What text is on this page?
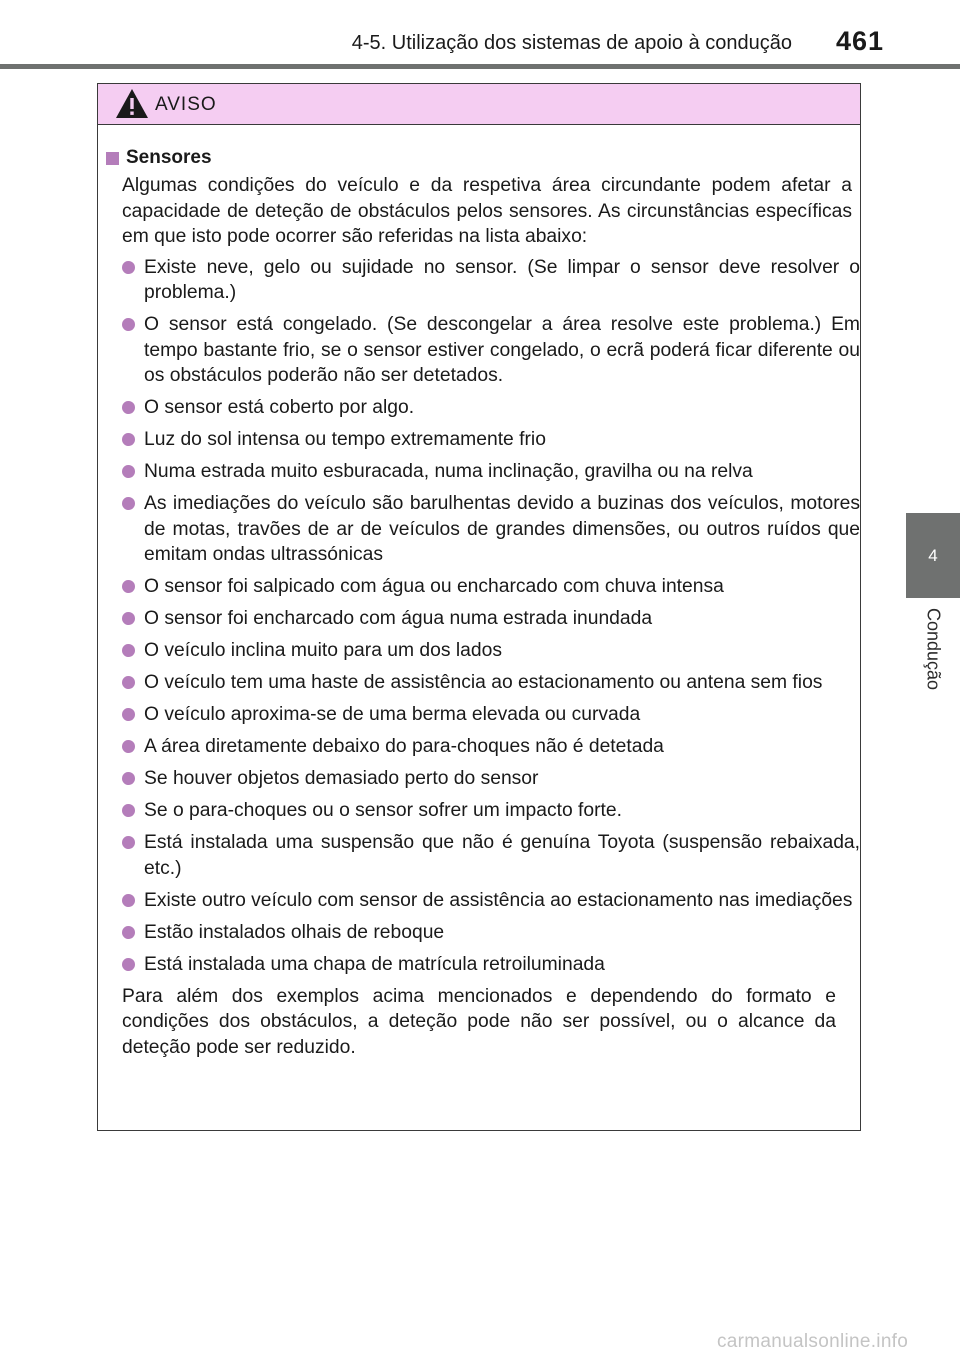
4-5. Utilização dos sistemas de apoio à condução 461
4
Condução
AVISO
Sensores
Algumas condições do veículo e da respetiva área circundante podem afetar a capacidade de deteção de obstáculos pelos sensores. As circunstâncias específicas em que isto pode ocorrer são referidas na lista abaixo:
Existe neve, gelo ou sujidade no sensor. (Se limpar o sensor deve resolver o problema.)
O sensor está congelado. (Se descongelar a área resolve este problema.) Em tempo bastante frio, se o sensor estiver congelado, o ecrã poderá ficar diferente ou os obstáculos poderão não ser detetados.
O sensor está coberto por algo.
Luz do sol intensa ou tempo extremamente frio
Numa estrada muito esburacada, numa inclinação, gravilha ou na relva
As imediações do veículo são barulhentas devido a buzinas dos veículos, motores de motas, travões de ar de veículos de grandes dimensões, ou outros ruídos que emitam ondas ultrassónicas
O sensor foi salpicado com água ou encharcado com chuva intensa
O sensor foi encharcado com água numa estrada inundada
O veículo inclina muito para um dos lados
O veículo tem uma haste de assistência ao estacionamento ou antena sem fios
O veículo aproxima-se de uma berma elevada ou curvada
A área diretamente debaixo do para-choques não é detetada
Se houver objetos demasiado perto do sensor
Se o para-choques ou o sensor sofrer um impacto forte.
Está instalada uma suspensão que não é genuína Toyota (suspensão rebaixada, etc.)
Existe outro veículo com sensor de assistência ao estacionamento nas imediações
Estão instalados olhais de reboque
Está instalada uma chapa de matrícula retroiluminada
Para além dos exemplos acima mencionados e dependendo do formato e condições dos obstáculos, a deteção pode não ser possível, ou o alcance da deteção pode ser reduzido.
carmanualsonline.info
